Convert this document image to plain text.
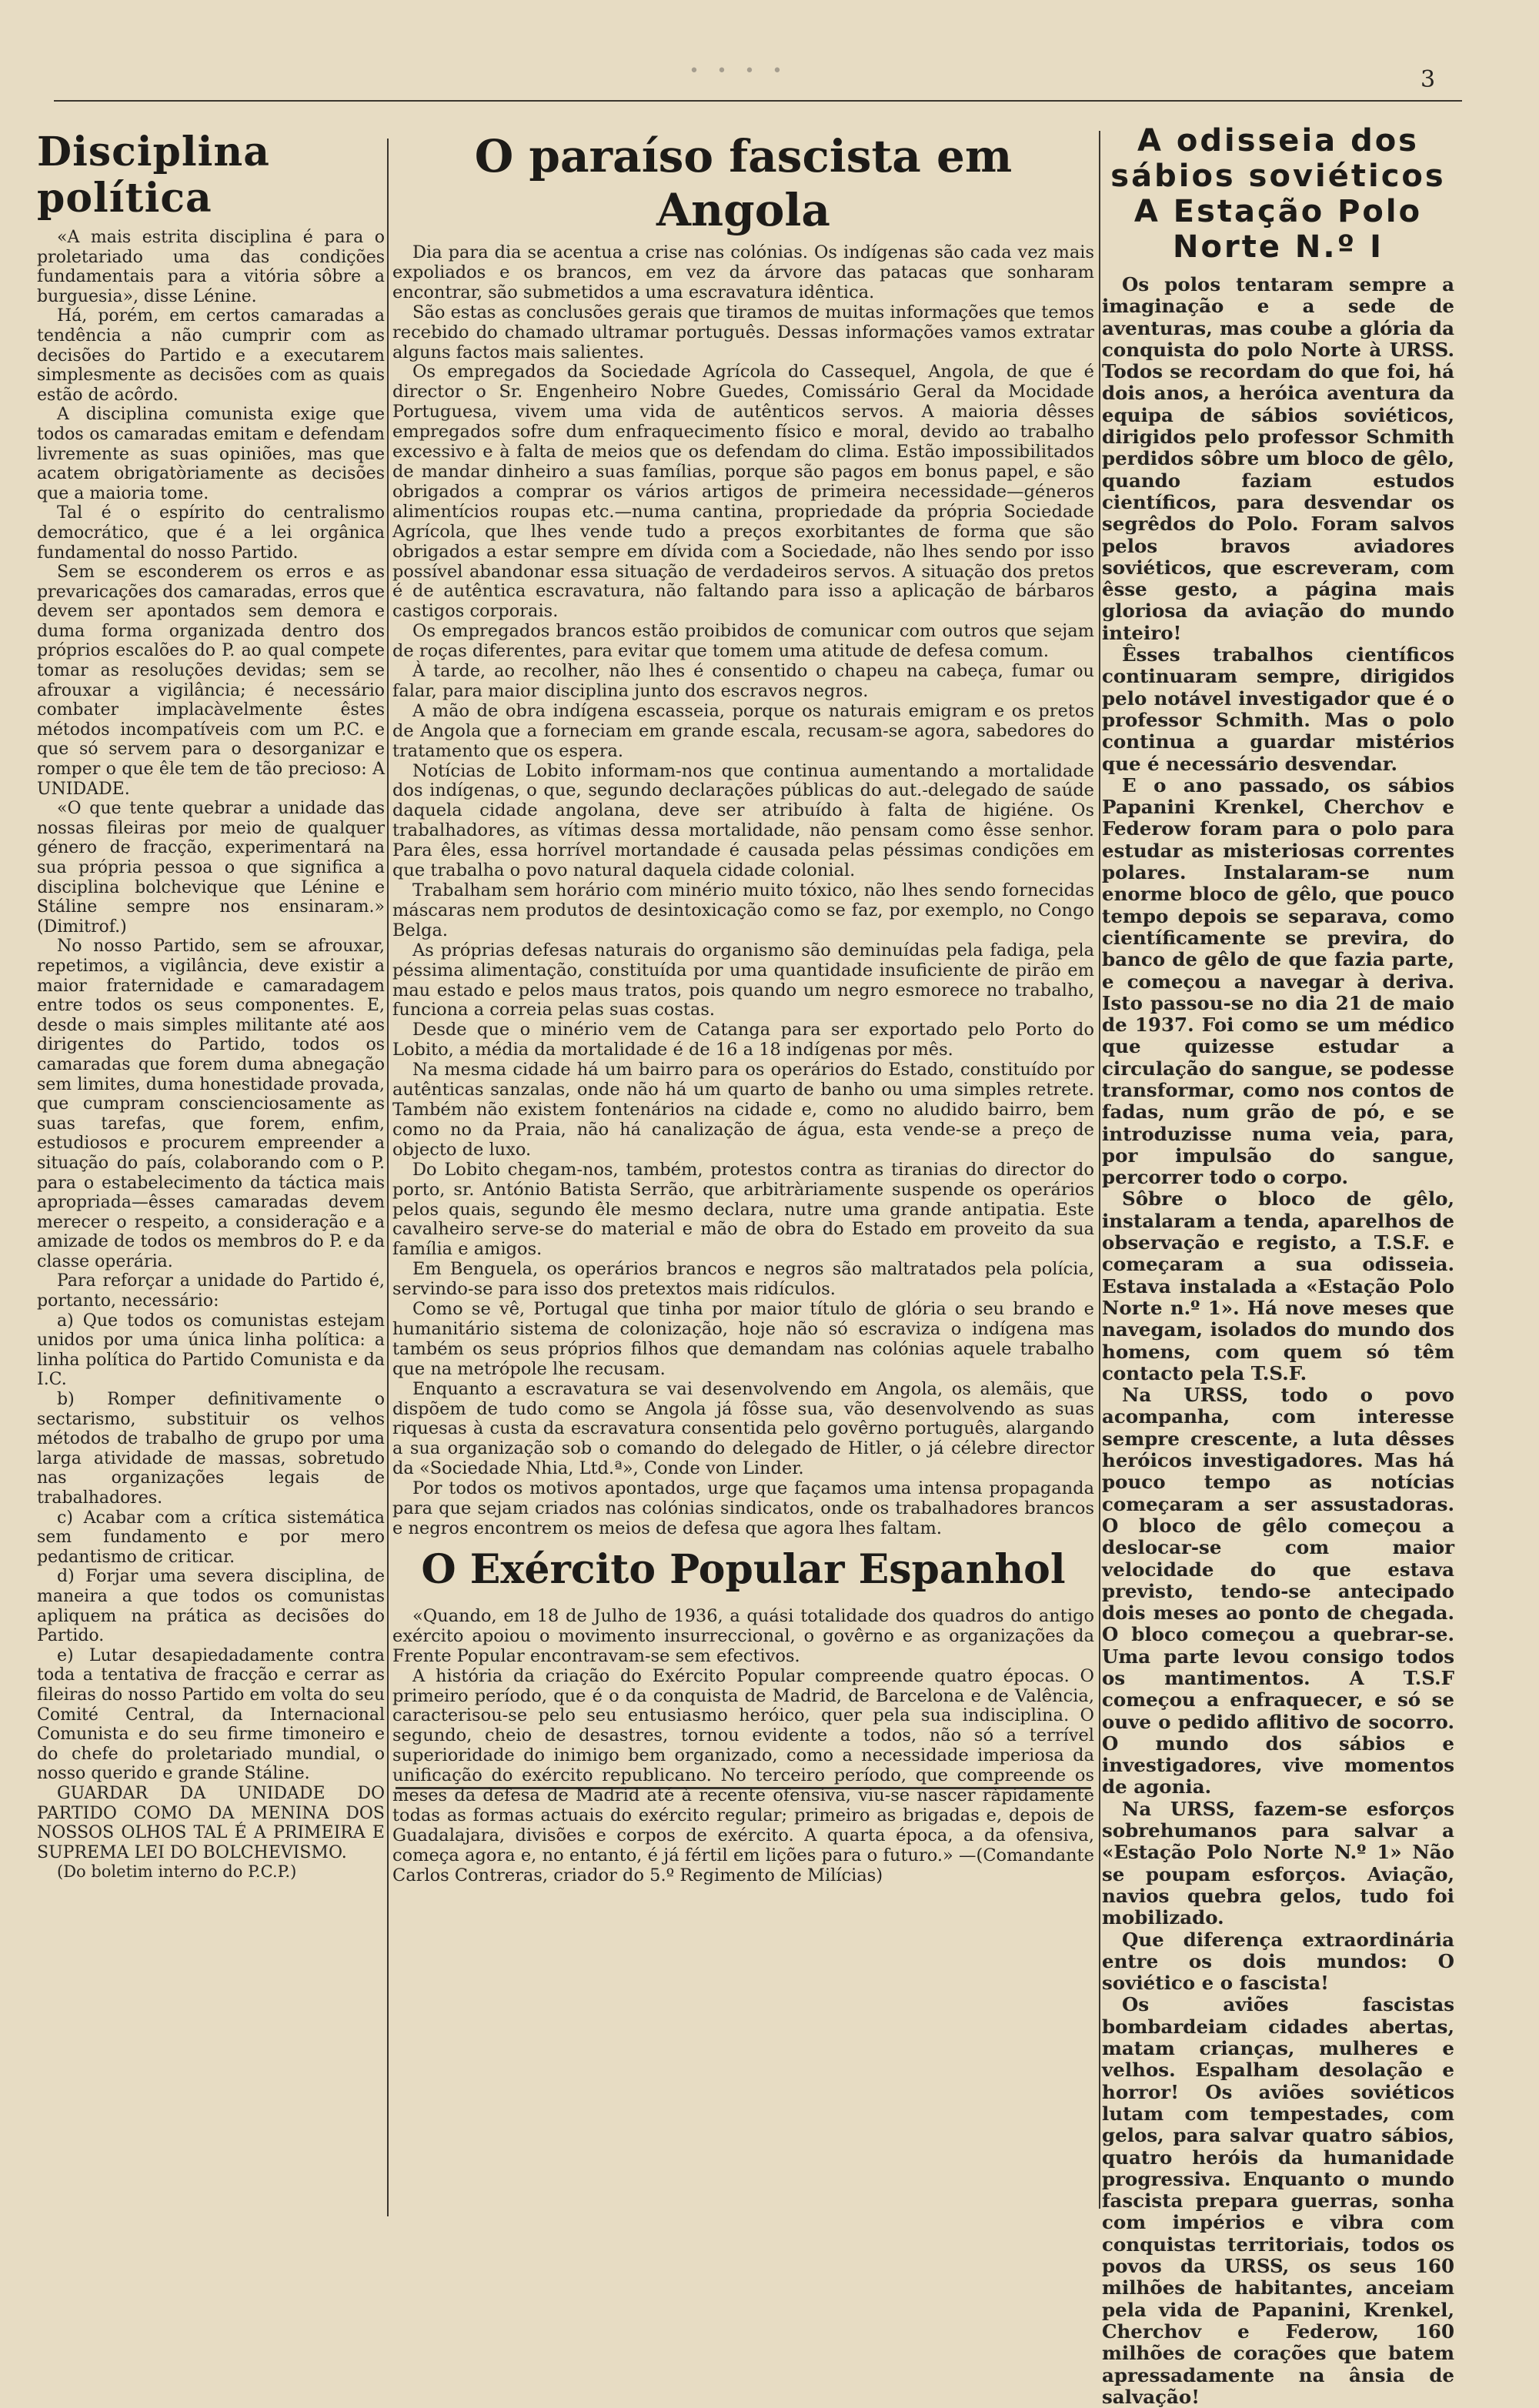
• • • •	3
Disciplina política

«A mais estrita disciplina é para o proletariado uma das condições fundamentais para a vitória sôbre a burguesia», disse Lénine.

Há, porém, em certos camaradas a tendência a não cumprir com as decisões do Partido e a executarem simplesmente as decisões com as quais estão de acôrdo.

A disciplina comunista exige que todos os camaradas emitam e defendam livremente as suas opiniões, mas que acatem obrigatòriamente as decisões que a maioria tome.

Tal é o espírito do centralismo democrático, que é a lei orgânica fundamental do nosso Partido.

Sem se esconderem os erros e as prevaricações dos camaradas, erros que devem ser apontados sem demora e duma forma organizada dentro dos próprios escalões do P. ao qual compete tomar as resoluções devidas; sem se afrouxar a vigilância; é necessário combater implacàvelmente êstes métodos incompatíveis com um P.C. e que só servem para o desorganizar e romper o que êle tem de tão precioso: A UNIDADE.

«O que tente quebrar a unidade das nossas fileiras por meio de qualquer género de fracção, experimentará na sua própria pessoa o que significa a disciplina bolchevique que Lénine e Stáline sempre nos ensinaram.» (Dimitrof.)

No nosso Partido, sem se afrouxar, repetimos, a vigilância, deve existir a maior fraternidade e camaradagem entre todos os seus componentes. E, desde o mais simples militante até aos dirigentes do Partido, todos os camaradas que forem duma abnegação sem limites, duma honestidade provada, que cumpram conscienciosamente as suas tarefas, que forem, enfim, estudiosos e procurem empreender a situação do país, colaborando com o P. para o estabelecimento da táctica mais apropriada—êsses camaradas devem merecer o respeito, a consideração e a amizade de todos os membros do P. e da classe operária.

Para reforçar a unidade do Partido é, portanto, necessário:

a) Que todos os comunistas estejam unidos por uma única linha política: a linha política do Partido Comunista e da I.C.

b) Romper definitivamente o sectarismo, substituir os velhos métodos de trabalho de grupo por uma larga atividade de massas, sobretudo nas organizações legais de trabalhadores.

c) Acabar com a crítica sistemática sem fundamento e por mero pedantismo de criticar.

d) Forjar uma severa disciplina, de maneira a que todos os comunistas apliquem na prática as decisões do Partido.

e) Lutar desapiedadamente contra toda a tentativa de fracção e cerrar as fileiras do nosso Partido em volta do seu Comité Central, da Internacional Comunista e do seu firme timoneiro e do chefe do proletariado mundial, o nosso querido e grande Stáline.

GUARDAR DA UNIDADE DO PARTIDO COMO DA MENINA DOS NOSSOS OLHOS TAL É A PRIMEIRA E SUPREMA LEI DO BOLCHEVISMO.

(Do boletim interno do P.C.P.)

O paraíso fascista em Angola

Dia para dia se acentua a crise nas colónias. Os indígenas são cada vez mais expoliados e os brancos, em vez da árvore das patacas que sonharam encontrar, são submetidos a uma escravatura idêntica.

São estas as conclusões gerais que tiramos de muitas informações que temos recebido do chamado ultramar português. Dessas informações vamos extratar alguns factos mais salientes.

Os empregados da Sociedade Agrícola do Cassequel, Angola, de que é director o Sr. Engenheiro Nobre Guedes, Comissário Geral da Mocidade Portuguesa, vivem uma vida de autênticos servos. A maioria dêsses empregados sofre dum enfraquecimento físico e moral, devido ao trabalho excessivo e à falta de meios que os defendam do clima. Estão impossibilitados de mandar dinheiro a suas famílias, porque são pagos em bonus papel, e são obrigados a comprar os vários artigos de primeira necessidade—géneros alimentícios roupas etc.—numa cantina, propriedade da própria Sociedade Agrícola, que lhes vende tudo a preços exorbitantes de forma que são obrigados a estar sempre em dívida com a Sociedade, não lhes sendo por isso possível abandonar essa situação de verdadeiros servos. A situação dos pretos é de autêntica escravatura, não faltando para isso a aplicação de bárbaros castigos corporais.

Os empregados brancos estão proibidos de comunicar com outros que sejam de roças diferentes, para evitar que tomem uma atitude de defesa comum.

À tarde, ao recolher, não lhes é consentido o chapeu na cabeça, fumar ou falar, para maior disciplina junto dos escravos negros.

A mão de obra indígena escasseia, porque os naturais emigram e os pretos de Angola que a forneciam em grande escala, recusam-se agora, sabedores do tratamento que os espera.

Notícias de Lobito informam-nos que continua aumentando a mortalidade dos indígenas, o que, segundo declarações públicas do aut.-delegado de saúde daquela cidade angolana, deve ser atribuído à falta de higiéne. Os trabalhadores, as vítimas dessa mortalidade, não pensam como êsse senhor. Para êles, essa horrível mortandade é causada pelas péssimas condições em que trabalha o povo natural daquela cidade colonial.

Trabalham sem horário com minério muito tóxico, não lhes sendo fornecidas máscaras nem produtos de desintoxicação como se faz, por exemplo, no Congo Belga.

As próprias defesas naturais do organismo são deminuídas pela fadiga, pela péssima alimentação, constituída por uma quantidade insuficiente de pirão em mau estado e pelos maus tratos, pois quando um negro esmorece no trabalho, funciona a correia pelas suas costas.

Desde que o minério vem de Catanga para ser exportado pelo Porto do Lobito, a média da mortalidade é de 16 a 18 indígenas por mês.

Na mesma cidade há um bairro para os operários do Estado, constituído por autênticas sanzalas, onde não há um quarto de banho ou uma simples retrete. Também não existem fontenários na cidade e, como no aludido bairro, bem como no da Praia, não há canalização de água, esta vende-se a preço de objecto de luxo.

Do Lobito chegam-nos, também, protestos contra as tiranias do director do porto, sr. António Batista Serrão, que arbitràriamente suspende os operários pelos quais, segundo êle mesmo declara, nutre uma grande antipatia. Este cavalheiro serve-se do material e mão de obra do Estado em proveito da sua família e amigos.

Em Benguela, os operários brancos e negros são maltratados pela polícia, servindo-se para isso dos pretextos mais ridículos.

Como se vê, Portugal que tinha por maior título de glória o seu brando e humanitário sistema de colonização, hoje não só escraviza o indígena mas também os seus próprios filhos que demandam nas colónias aquele trabalho que na metrópole lhe recusam.

Enquanto a escravatura se vai desenvolvendo em Angola, os alemãis, que dispõem de tudo como se Angola já fôsse sua, vão desenvolvendo as suas riquesas à custa da escravatura consentida pelo govêrno português, alargando a sua organização sob o comando do delegado de Hitler, o já célebre director da «Sociedade Nhia, Ltd.ª», Conde von Linder.

Por todos os motivos apontados, urge que façamos uma intensa propaganda para que sejam criados nas colónias sindicatos, onde os trabalhadores brancos e negros encontrem os meios de defesa que agora lhes faltam.

O Exército Popular Espanhol

«Quando, em 18 de Julho de 1936, a quási totalidade dos quadros do antigo exército apoiou o movimento insurreccional, o govêrno e as organizações da Frente Popular encontravam-se sem efectivos.

A história da criação do Exército Popular compreende quatro épocas. O primeiro período, que é o da conquista de Madrid, de Barcelona e de Valência, caracterisou-se pelo seu entusiasmo heróico, quer pela sua indisciplina. O segundo, cheio de desastres, tornou evidente a todos, não só a terrível superioridade do inimigo bem organizado, como a necessidade imperiosa da unificação do exército republicano. No terceiro período, que compreende os meses da defesa de Madrid até à recente ofensiva, viu-se nascer ràpidamente todas as formas actuais do exército regular; primeiro as brigadas e, depois de Guadalajara, divisões e corpos de exército. A quarta época, a da ofensiva, começa agora e, no entanto, é já fértil em lições para o futuro.» —(Comandante Carlos Contreras, criador do 5.º Regimento de Milícias)

A odisseia dos sábios soviéticos A Estação Polo Norte N.º I

Os polos tentaram sempre a imaginação e a sede de aventuras, mas coube a glória da conquista do polo Norte à URSS. Todos se recordam do que foi, há dois anos, a heróica aventura da equipa de sábios soviéticos, dirigidos pelo professor Schmith perdidos sôbre um bloco de gêlo, quando faziam estudos científicos, para desvendar os segrêdos do Polo. Foram salvos pelos bravos aviadores soviéticos, que escreveram, com êsse gesto, a página mais gloriosa da aviação do mundo inteiro!

Êsses trabalhos científicos continuaram sempre, dirigidos pelo notável investigador que é o professor Schmith. Mas o polo continua a guardar mistérios que é necessário desvendar.

E o ano passado, os sábios Papanini Krenkel, Cherchov e Federow foram para o polo para estudar as misteriosas correntes polares. Instalaram-se num enorme bloco de gêlo, que pouco tempo depois se separava, como científicamente se previra, do banco de gêlo de que fazia parte, e começou a navegar à deriva. Isto passou-se no dia 21 de maio de 1937. Foi como se um médico que quizesse estudar a circulação do sangue, se podesse transformar, como nos contos de fadas, num grão de pó, e se introduzisse numa veia, para, por impulsão do sangue, percorrer todo o corpo.

Sôbre o bloco de gêlo, instalaram a tenda, aparelhos de observação e registo, a T.S.F. e começaram a sua odisseia. Estava instalada a «Estação Polo Norte n.º 1». Há nove meses que navegam, isolados do mundo dos homens, com quem só têm contacto pela T.S.F.

Na URSS, todo o povo acompanha, com interesse sempre crescente, a luta dêsses heróicos investigadores. Mas há pouco tempo as notícias começaram a ser assustadoras. O bloco de gêlo começou a deslocar-se com maior velocidade do que estava previsto, tendo-se antecipado dois meses ao ponto de chegada. O bloco começou a quebrar-se. Uma parte levou consigo todos os mantimentos. A T.S.F começou a enfraquecer, e só se ouve o pedido aflitivo de socorro. O mundo dos sábios e investigadores, vive momentos de agonia.

Na URSS, fazem-se esforços sobrehumanos para salvar a «Estação Polo Norte N.º 1» Não se poupam esforços. Aviação, navios quebra gelos, tudo foi mobilizado.

Que diferença extraordinária entre os dois mundos: O soviético e o fascista!

Os aviões fascistas bombardeiam cidades abertas, matam crianças, mulheres e velhos. Espalham desolação e horror! Os aviões soviéticos lutam com tempestades, com gelos, para salvar quatro sábios, quatro heróis da humanidade progressiva. Enquanto o mundo fascista prepara guerras, sonha com impérios e vibra com conquistas territoriais, todos os povos da URSS, os seus 160 milhões de habitantes, anceiam pela vida de Papanini, Krenkel, Cherchov e Federow, 160 milhões de corações que batem apressadamente na ânsia de salvação!
